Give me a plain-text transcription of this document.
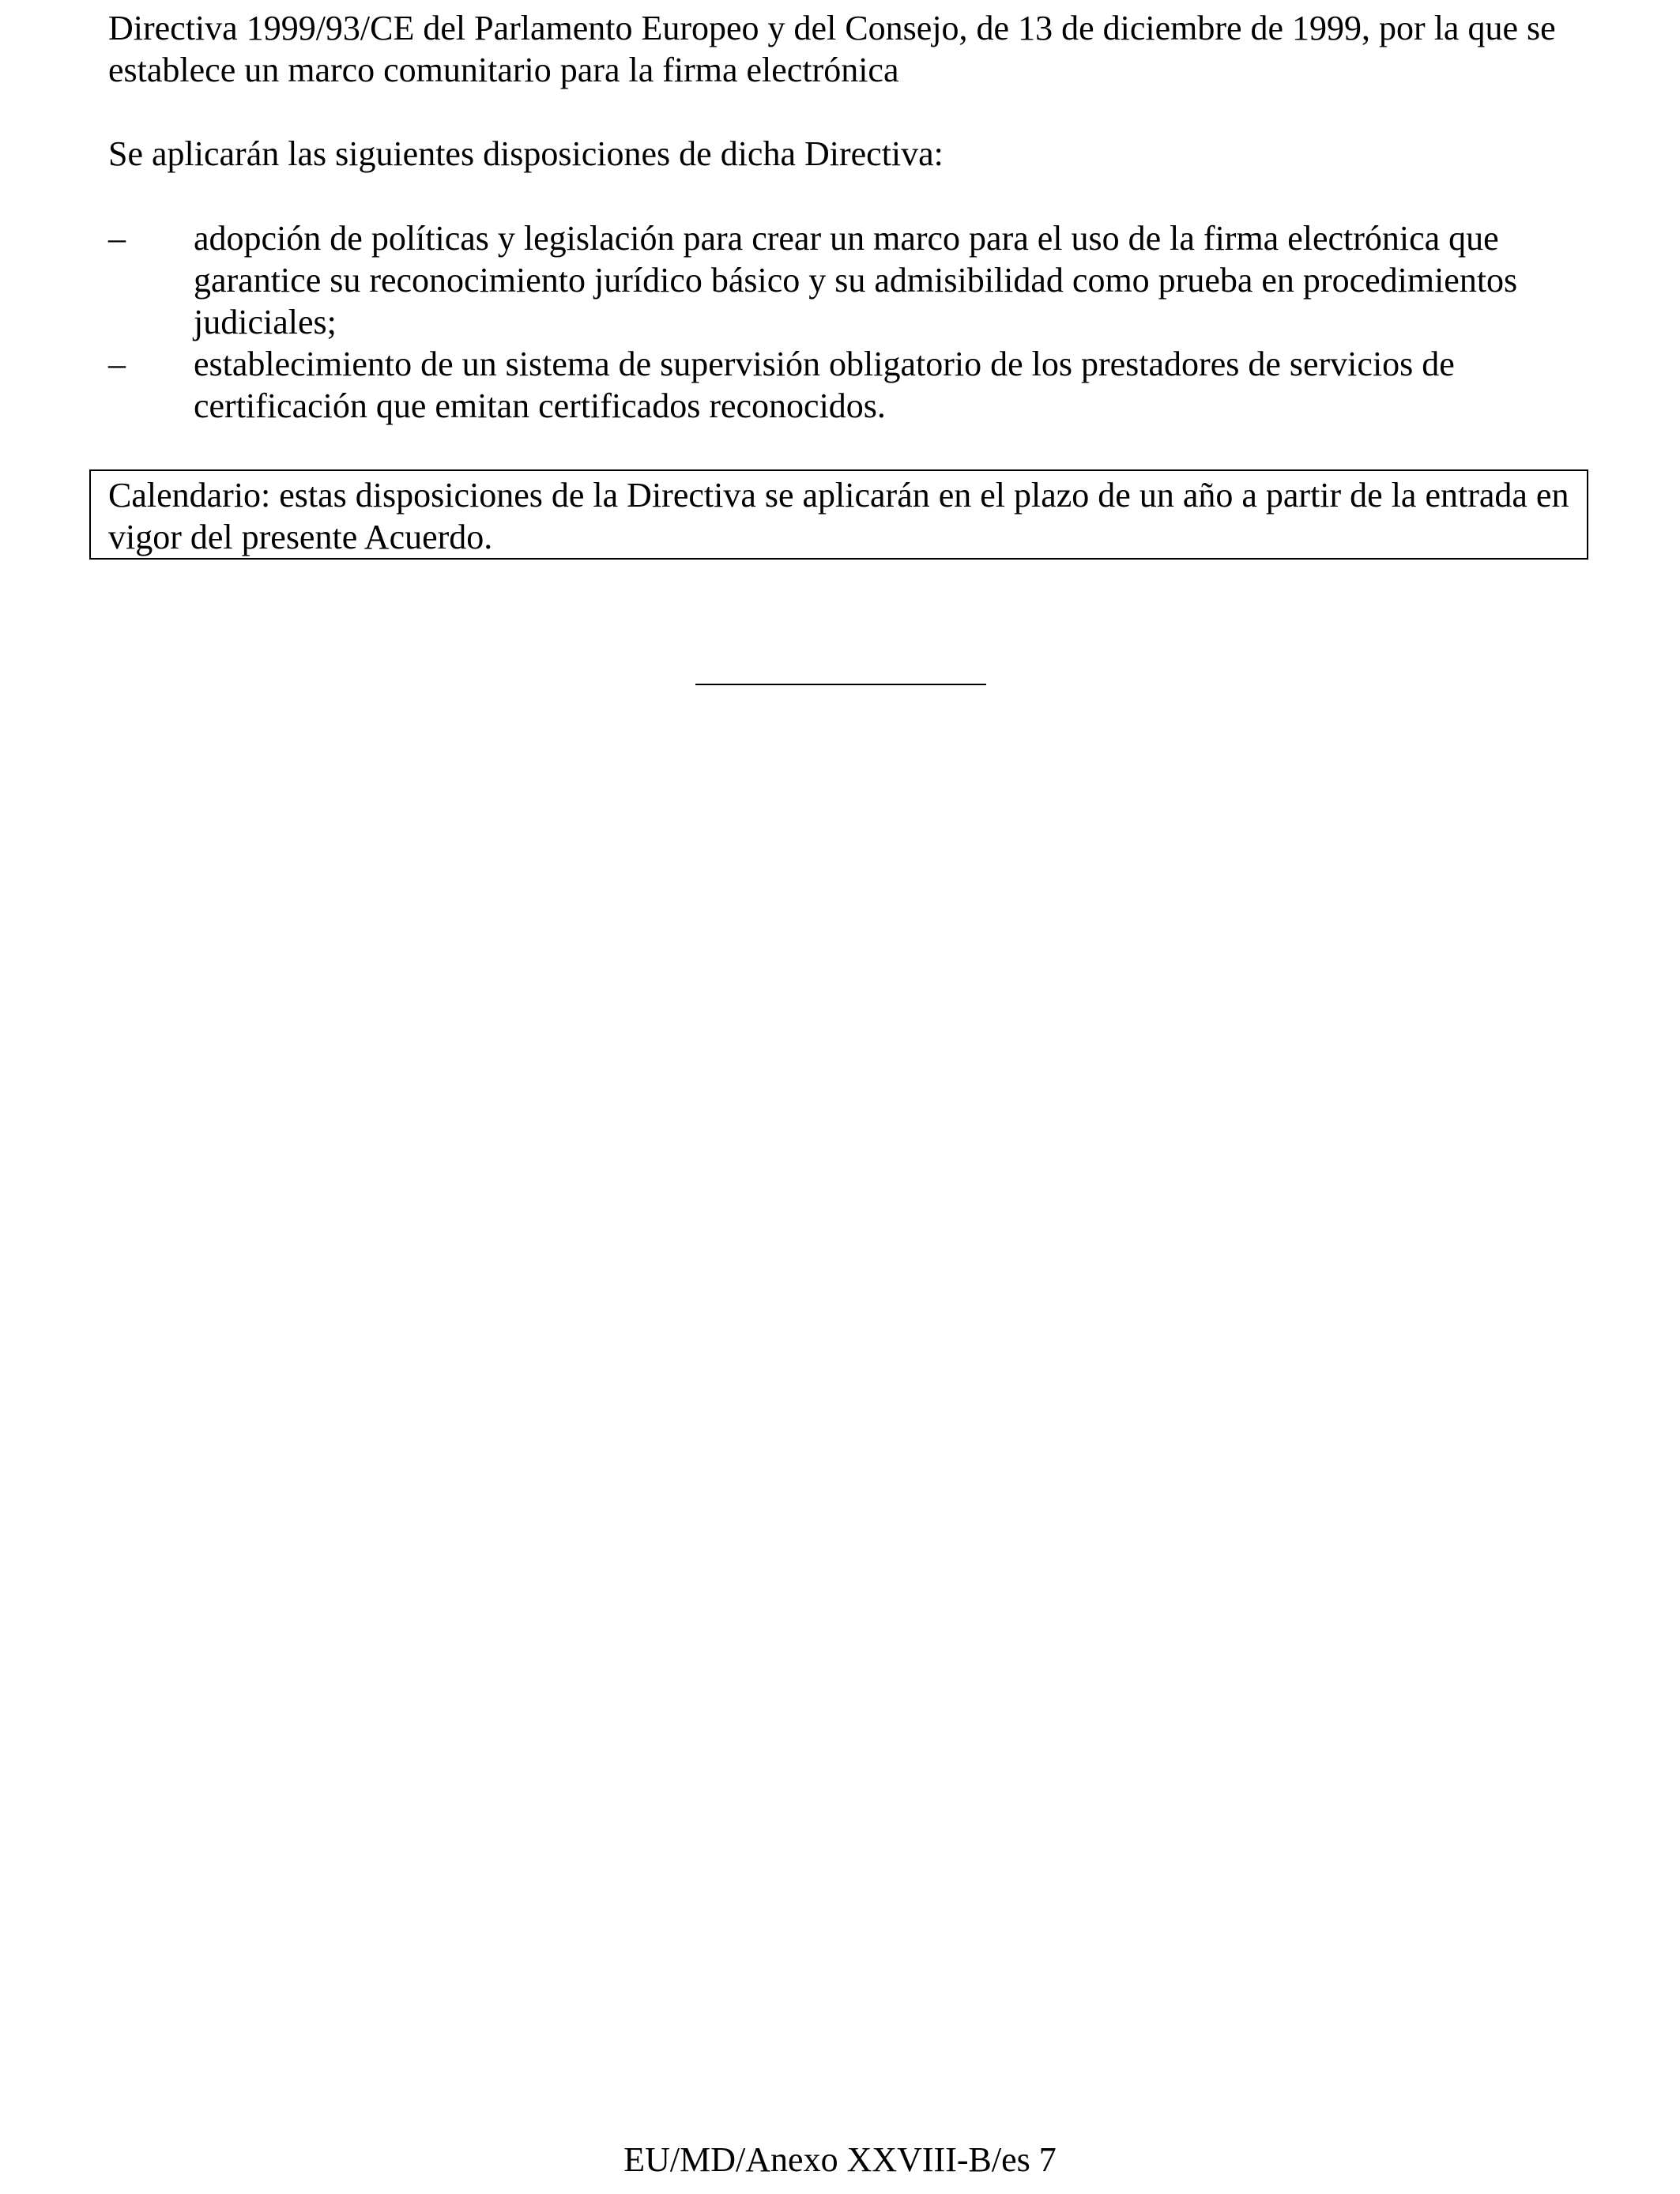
Directiva 1999/93/CE del Parlamento Europeo y del Consejo, de 13 de diciembre de 1999, por la que se establece un marco comunitario para la firma electrónica

Se aplicarán las siguientes disposiciones de dicha Directiva:

– adopción de políticas y legislación para crear un marco para el uso de la firma electrónica que garantice su reconocimiento jurídico básico y su admisibilidad como prueba en procedimientos judiciales;
– establecimiento de un sistema de supervisión obligatorio de los prestadores de servicios de certificación que emitan certificados reconocidos.

Calendario: estas disposiciones de la Directiva se aplicarán en el plazo de un año a partir de la entrada en vigor del presente Acuerdo.

EU/MD/Anexo XXVIII-B/es 7
